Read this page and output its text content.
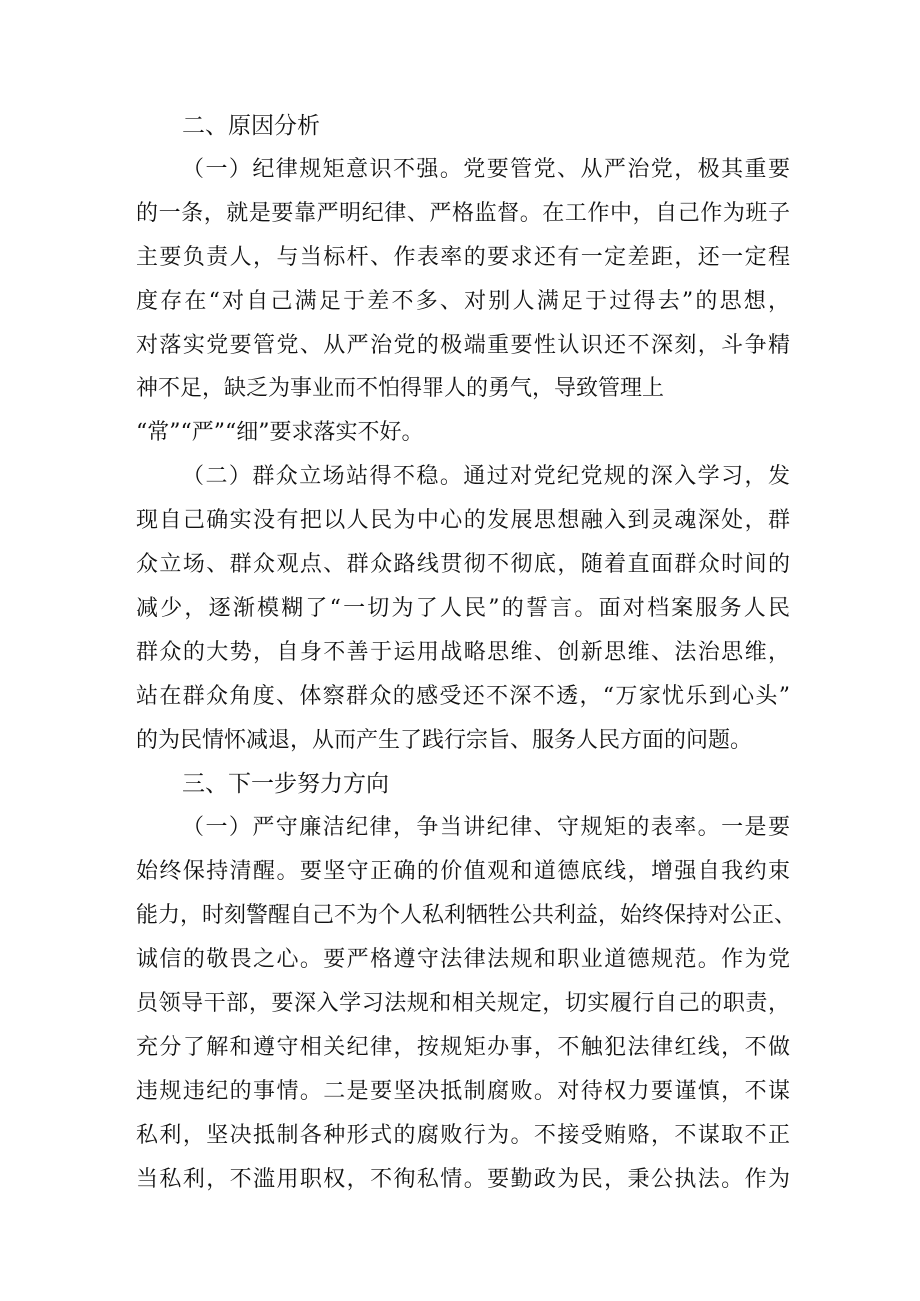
二、原因分析
（一）纪律规矩意识不强。党要管党、从严治党，极其重要
的一条，就是要靠严明纪律、严格监督。在工作中，自己作为班子
主要负责人，与当标杆、作表率的要求还有一定差距，还一定程
度存在“对自己满足于差不多、对别人满足于过得去”的思想，
对落实党要管党、从严治党的极端重要性认识还不深刻，斗争精
神不足，缺乏为事业而不怕得罪人的勇气，导致管理上
“常”“严”“细”要求落实不好。
（二）群众立场站得不稳。通过对党纪党规的深入学习，发
现自己确实没有把以人民为中心的发展思想融入到灵魂深处，群
众立场、群众观点、群众路线贯彻不彻底，随着直面群众时间的
减少，逐渐模糊了“一切为了人民”的誓言。面对档案服务人民
群众的大势，自身不善于运用战略思维、创新思维、法治思维，
站在群众角度、体察群众的感受还不深不透，“万家忧乐到心头”
的为民情怀减退，从而产生了践行宗旨、服务人民方面的问题。
三、下一步努力方向
（一）严守廉洁纪律，争当讲纪律、守规矩的表率。一是要
始终保持清醒。要坚守正确的价值观和道德底线，增强自我约束
能力，时刻警醒自己不为个人私利牺牲公共利益，始终保持对公正、
诚信的敬畏之心。要严格遵守法律法规和职业道德规范。作为党
员领导干部，要深入学习法规和相关规定，切实履行自己的职责，
充分了解和遵守相关纪律，按规矩办事，不触犯法律红线，不做
违规违纪的事情。二是要坚决抵制腐败。对待权力要谨慎，不谋
私利，坚决抵制各种形式的腐败行为。不接受贿赂，不谋取不正
当私利，不滥用职权，不徇私情。要勤政为民，秉公执法。作为
